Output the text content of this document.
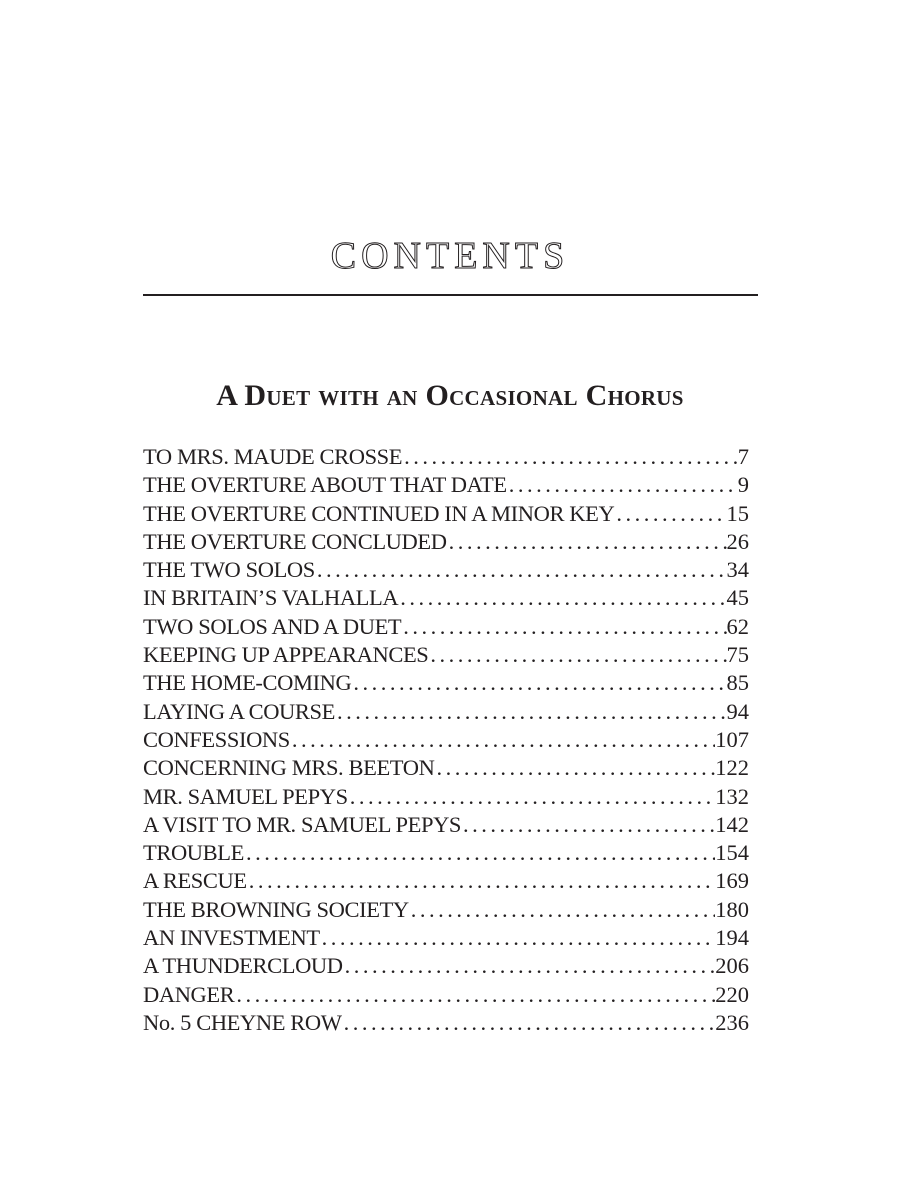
CONTENTS
A Duet with an Occasional Chorus
TO MRS. MAUDE CROSSE .....	7
THE OVERTURE ABOUT THAT DATE .....	9
THE OVERTURE CONTINUED IN A MINOR KEY .....	15
THE OVERTURE CONCLUDED .....	26
THE TWO SOLOS .....	34
IN BRITAIN’S VALHALLA .....	45
TWO SOLOS AND A DUET .....	62
KEEPING UP APPEARANCES .....	75
THE HOME-COMING .....	85
LAYING A COURSE .....	94
CONFESSIONS .....	107
CONCERNING MRS. BEETON .....	122
MR. SAMUEL PEPYS .....	132
A VISIT TO MR. SAMUEL PEPYS .....	142
TROUBLE .....	154
A RESCUE .....	169
THE BROWNING SOCIETY .....	180
AN INVESTMENT .....	194
A THUNDERCLOUD .....	206
DANGER .....	220
No. 5 CHEYNE ROW .....	236
